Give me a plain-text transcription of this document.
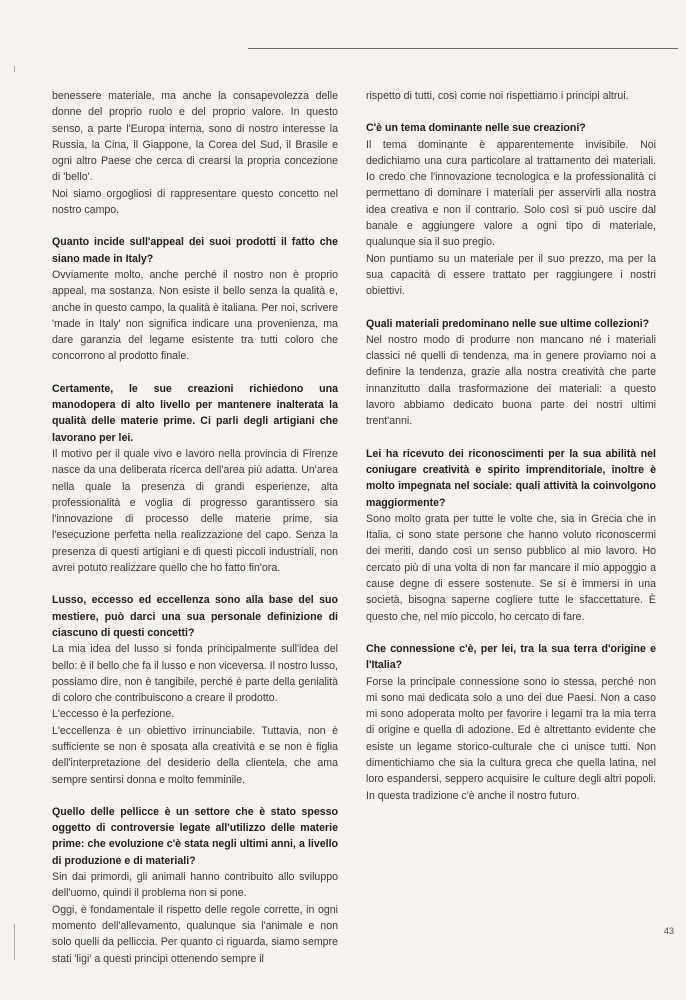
benessere materiale, ma anche la consapevolezza delle donne del proprio ruolo e del proprio valore. In questo senso, a parte l'Europa interna, sono di nostro interesse la Russia, la Cina, il Giappone, la Corea del Sud, il Brasile e ogni altro Paese che cerca di crearsi la propria concezione di 'bello'.

Noi siamo orgogliosi di rappresentare questo concetto nel nostro campo.

Quanto incide sull'appeal dei suoi prodotti il fatto che siano made in Italy?

Ovviamente molto, anche perché il nostro non è proprio appeal, ma sostanza. Non esiste il bello senza la qualità e, anche in questo campo, la qualità è italiana. Per noi, scrivere 'made in Italy' non significa indicare una provenienza, ma dare garanzia del legame esistente tra tutti coloro che concorrono al prodotto finale.

Certamente, le sue creazioni richiedono una manodopera di alto livello per mantenere inalterata la qualità delle materie prime. Ci parli degli artigiani che lavorano per lei.

Il motivo per il quale vivo e lavoro nella provincia di Firenze nasce da una deliberata ricerca dell'area più adatta. Un'area nella quale la presenza di grandi esperienze, alta professionalità e voglia di progresso garantissero sia l'innovazione di processo delle materie prime, sia l'esecuzione perfetta nella realizzazione del capo. Senza la presenza di questi artigiani e di questi piccoli industriali, non avrei potuto realizzare quello che ho fatto fin'ora.

Lusso, eccesso ed eccellenza sono alla base del suo mestiere, può darci una sua personale definizione di ciascuno di questi concetti?

La mia idea del lusso si fonda principalmente sull'idea del bello: è il bello che fa il lusso e non viceversa. Il nostro lusso, possiamo dire, non è tangibile, perché è parte della genialità di coloro che contribuiscono a creare il prodotto.

L'eccesso è la perfezione.

L'eccellenza è un obiettivo irrinunciabile. Tuttavia, non è sufficiente se non è sposata alla creatività e se non è figlia dell'interpretazione del desiderio della clientela, che ama sempre sentirsi donna e molto femminile.

Quello delle pellicce è un settore che è stato spesso oggetto di controversie legate all'utilizzo delle materie prime: che evoluzione c'è stata negli ultimi anni, a livello di produzione e di materiali?

Sin dai primordi, gli animali hanno contribuito allo sviluppo dell'uomo, quindi il problema non si pone.

Oggi, è fondamentale il rispetto delle regole corrette, in ogni momento dell'allevamento, qualunque sia l'animale e non solo quelli da pelliccia. Per quanto ci riguarda, siamo sempre stati 'ligi' a questi principi ottenendo sempre il

rispetto di tutti, così come noi rispettiamo i principi altrui.

C'è un tema dominante nelle sue creazioni?

Il tema dominante è apparentemente invisibile. Noi dedichiamo una cura particolare al trattamento dei materiali. Io credo che l'innovazione tecnologica e la professionalità ci permettano di dominare i materiali per asservirli alla nostra idea creativa e non il contrario. Solo così si può uscire dal banale e aggiungere valore a ogni tipo di materiale, qualunque sia il suo pregio.

Non puntiamo su un materiale per il suo prezzo, ma per la sua capacità di essere trattato per raggiungere i nostri obiettivi.

Quali materiali predominano nelle sue ultime collezioni?

Nel nostro modo di produrre non mancano né i materiali classici né quelli di tendenza, ma in genere proviamo noi a definire la tendenza, grazie alla nostra creatività che parte innanzitutto dalla trasformazione dei materiali: a questo lavoro abbiamo dedicato buona parte dei nostri ultimi trent'anni.

Lei ha ricevuto dei riconoscimenti per la sua abilità nel coniugare creatività e spirito imprenditoriale, inoltre è molto impegnata nel sociale: quali attività la coinvolgono maggiormente?

Sono molto grata per tutte le volte che, sia in Grecia che in Italia, ci sono state persone che hanno voluto riconoscermi dei meriti, dando così un senso pubblico al mio lavoro. Ho cercato più di una volta di non far mancare il mio appoggio a cause degne di essere sostenute. Se si è immersi in una società, bisogna saperne cogliere tutte le sfaccettature. È questo che, nel mio piccolo, ho cercato di fare.

Che connessione c'è, per lei, tra la sua terra d'origine e l'Italia?

Forse la principale connessione sono io stessa, perché non mi sono mai dedicata solo a uno dei due Paesi. Non a caso mi sono adoperata molto per favorire i legami tra la mia terra di origine e quella di adozione. Ed è altrettanto evidente che esiste un legame storico-culturale che ci unisce tutti. Non dimentichiamo che sia la cultura greca che quella latina, nel loro espandersi, seppero acquisire le culture degli altri popoli. In questa tradizione c'è anche il nostro futuro.

43
